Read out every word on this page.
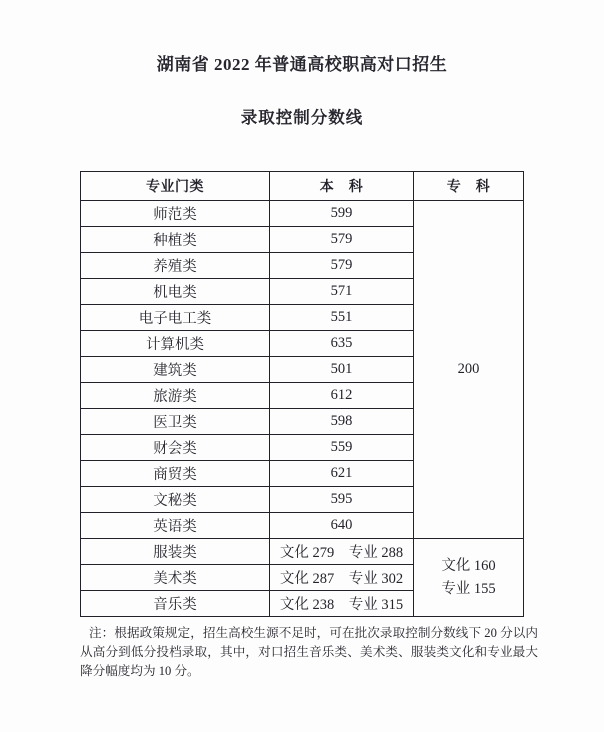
湖南省 2022 年普通高校职高对口招生
录取控制分数线
专业门类	本　科	专　科
师范类	599	200
种植类	579	
养殖类	579	
机电类	571	
电子电工类	551	
计算机类	635	
建筑类	501	
旅游类	612	
医卫类	598	
财会类	559	
商贸类	621	
文秘类	595	
英语类	640	
服装类	文化 279　专业 288	文化 160
专业 155

美术类	文化 287　专业 302	
音乐类	文化 238　专业 315	

注：根据政策规定，招生高校生源不足时，可在批次录取控制分数线下 20 分以内从高分到低分投档录取，其中，对口招生音乐类、美术类、服装类文化和专业最大降分幅度均为 10 分。
